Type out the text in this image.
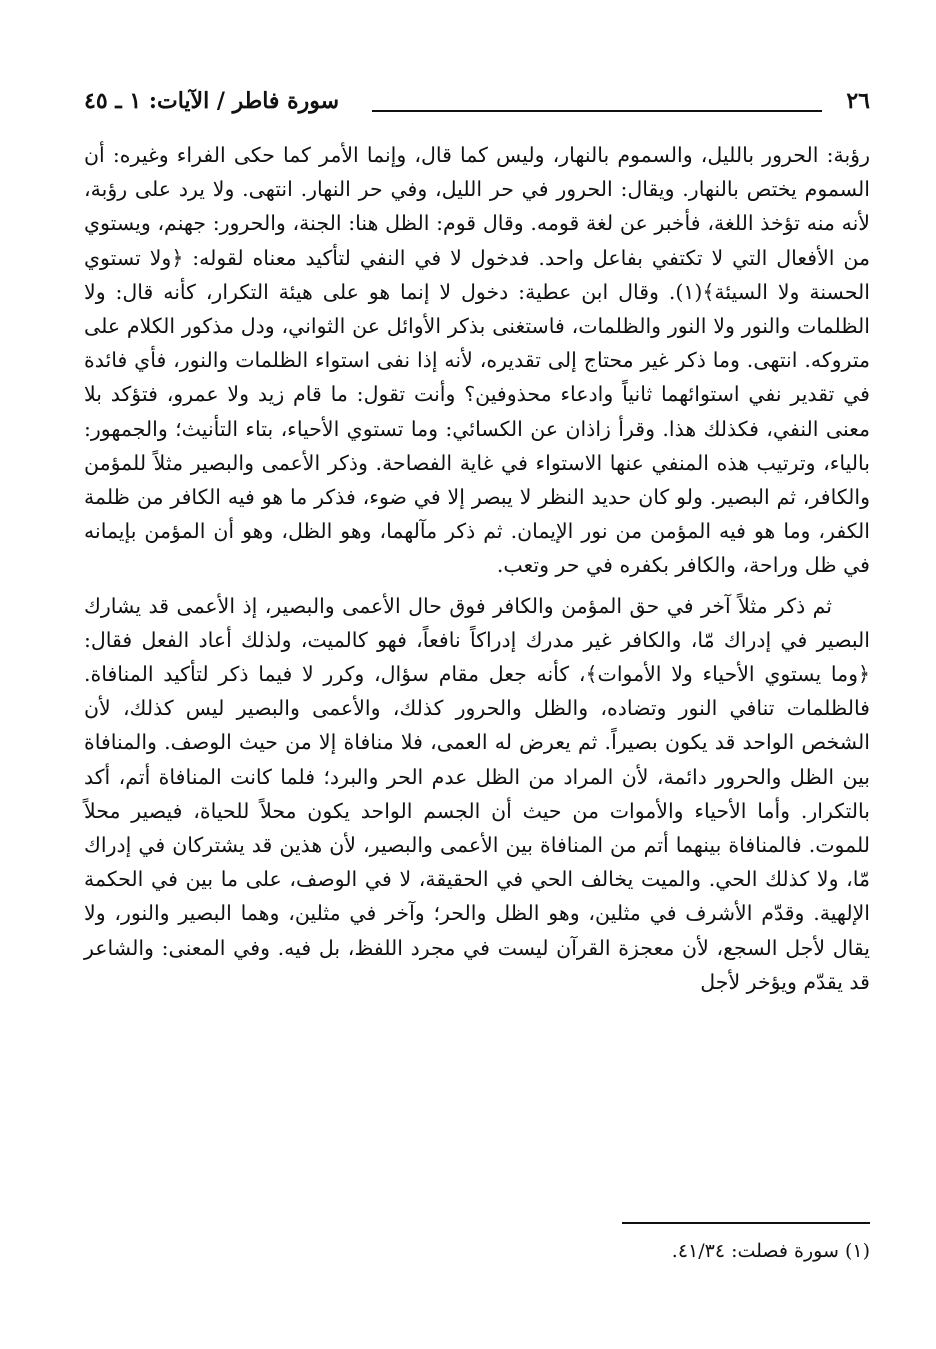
٢٦
سورة فاطر / الآيات: ١ ـ ٤٥

رؤبة: الحرور بالليل، والسموم بالنهار، وليس كما قال، وإنما الأمر كما حكى الفراء وغيره: أن السموم يختص بالنهار. ويقال: الحرور في حر الليل، وفي حر النهار. انتهى. ولا يرد على رؤبة، لأنه منه تؤخذ اللغة، فأخبر عن لغة قومه. وقال قوم: الظل هنا: الجنة، والحرور: جهنم، ويستوي من الأفعال التي لا تكتفي بفاعل واحد. فدخول لا في النفي لتأكيد معناه لقوله: ﴿ولا تستوي الحسنة ولا السيئة﴾(١). وقال ابن عطية: دخول لا إنما هو على هيئة التكرار، كأنه قال: ولا الظلمات والنور ولا النور والظلمات، فاستغنى بذكر الأوائل عن الثواني، ودل مذكور الكلام على متروكه. انتهى. وما ذكر غير محتاج إلى تقديره، لأنه إذا نفى استواء الظلمات والنور، فأي فائدة في تقدير نفي استوائهما ثانياً وادعاء محذوفين؟ وأنت تقول: ما قام زيد ولا عمرو، فتؤكد بلا معنى النفي، فكذلك هذا. وقرأ زاذان عن الكسائي: وما تستوي الأحياء، بتاء التأنيث؛ والجمهور: بالياء، وترتيب هذه المنفي عنها الاستواء في غاية الفصاحة. وذكر الأعمى والبصير مثلاً للمؤمن والكافر، ثم البصير. ولو كان حديد النظر لا يبصر إلا في ضوء، فذكر ما هو فيه الكافر من ظلمة الكفر، وما هو فيه المؤمن من نور الإيمان. ثم ذكر مآلهما، وهو الظل، وهو أن المؤمن بإيمانه في ظل وراحة، والكافر بكفره في حر وتعب.

ثم ذكر مثلاً آخر في حق المؤمن والكافر فوق حال الأعمى والبصير، إذ الأعمى قد يشارك البصير في إدراك مّا، والكافر غير مدرك إدراكاً نافعاً، فهو كالميت، ولذلك أعاد الفعل فقال: ﴿وما يستوي الأحياء ولا الأموات﴾، كأنه جعل مقام سؤال، وكرر لا فيما ذكر لتأكيد المنافاة. فالظلمات تنافي النور وتضاده، والظل والحرور كذلك، والأعمى والبصير ليس كذلك، لأن الشخص الواحد قد يكون بصيراً. ثم يعرض له العمى، فلا منافاة إلا من حيث الوصف. والمنافاة بين الظل والحرور دائمة، لأن المراد من الظل عدم الحر والبرد؛ فلما كانت المنافاة أتم، أكد بالتكرار. وأما الأحياء والأموات من حيث أن الجسم الواحد يكون محلاً للحياة، فيصير محلاً للموت. فالمنافاة بينهما أتم من المنافاة بين الأعمى والبصير، لأن هذين قد يشتركان في إدراك مّا، ولا كذلك الحي. والميت يخالف الحي في الحقيقة، لا في الوصف، على ما بين في الحكمة الإلهية. وقدّم الأشرف في مثلين، وهو الظل والحر؛ وآخر في مثلين، وهما البصير والنور، ولا يقال لأجل السجع، لأن معجزة القرآن ليست في مجرد اللفظ، بل فيه. وفي المعنى: والشاعر قد يقدّم ويؤخر لأجل

(١) سورة فصلت: ٤١/٣٤.
